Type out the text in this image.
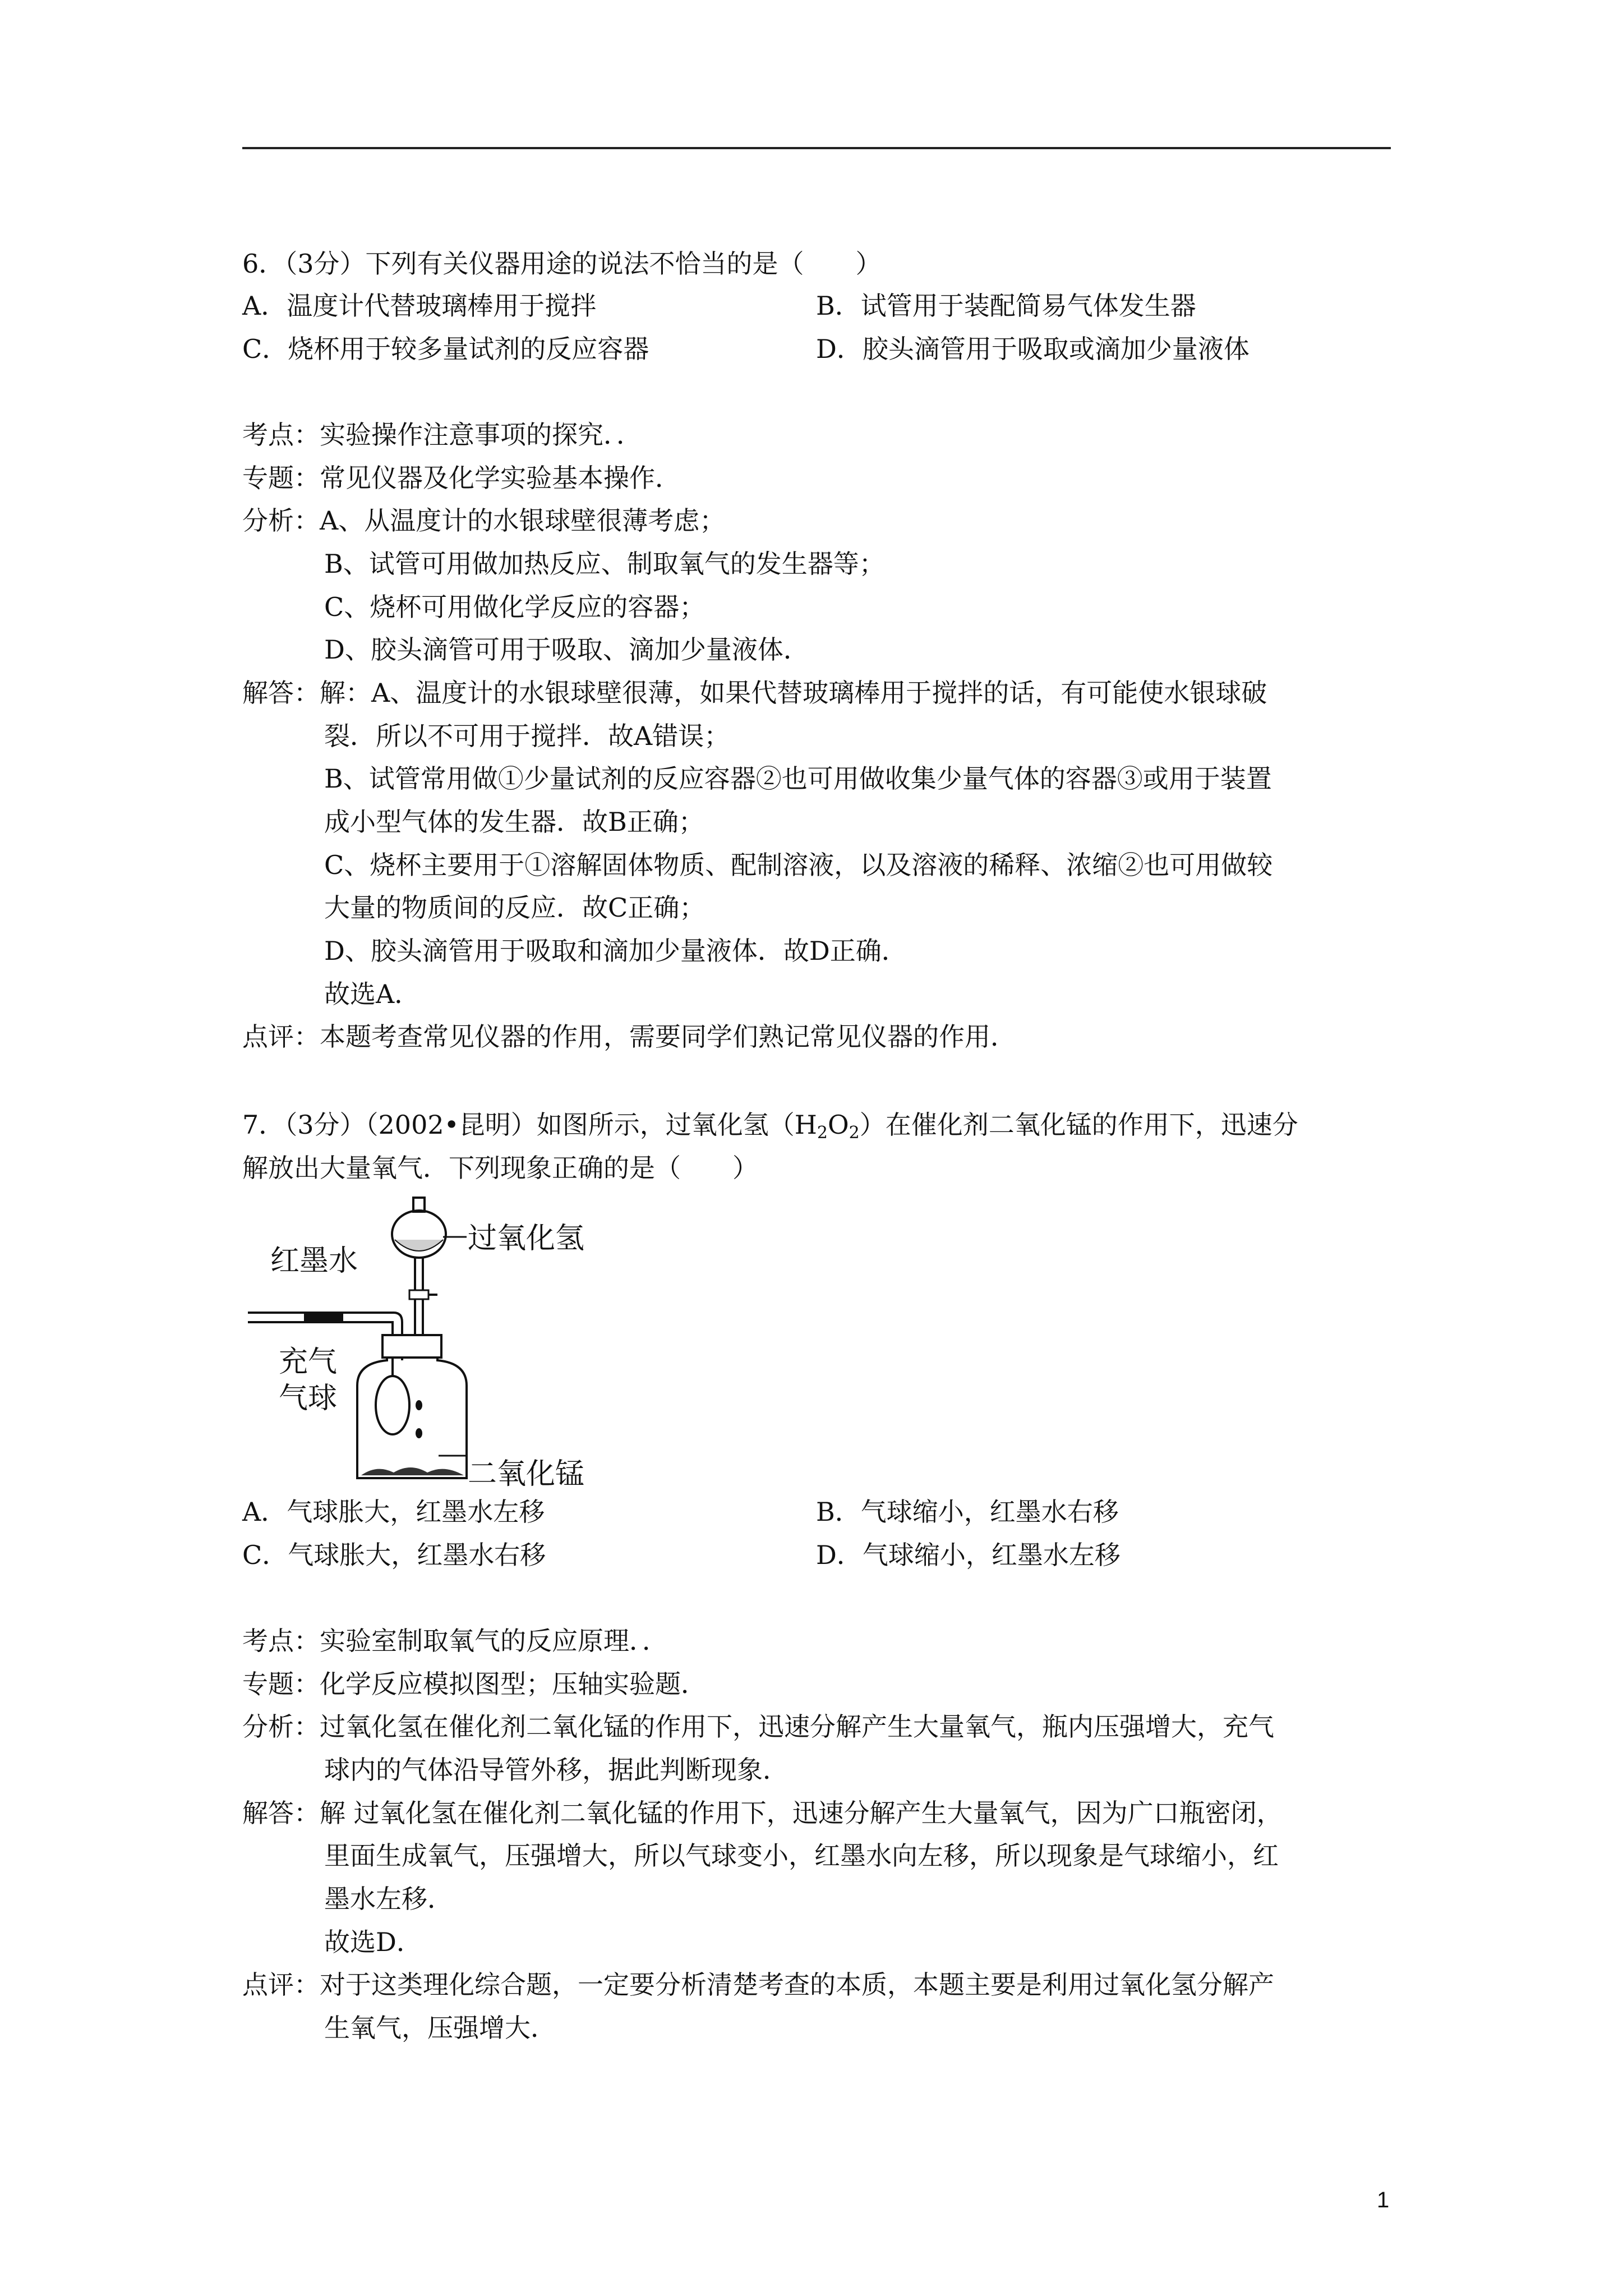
6．（3分）下列有关仪器用途的说法不恰当的是（　　）
A．温度计代替玻璃棒用于搅拌	B．试管用于装配简易气体发生器
C．烧杯用于较多量试剂的反应容器	D．胶头滴管用于吸取或滴加少量液体
考点：实验操作注意事项的探究．．
专题：常见仪器及化学实验基本操作．
分析：A、从温度计的水银球壁很薄考虑；
B、试管可用做加热反应、制取氧气的发生器等；
C、烧杯可用做化学反应的容器；
D、胶头滴管可用于吸取、滴加少量液体．
解答：解：A、温度计的水银球壁很薄，如果代替玻璃棒用于搅拌的话，有可能使水银球破
裂．所以不可用于搅拌．故A错误；
B、试管常用做①少量试剂的反应容器②也可用做收集少量气体的容器③或用于装置
成小型气体的发生器．故B正确；
C、烧杯主要用于①溶解固体物质、配制溶液，以及溶液的稀释、浓缩②也可用做较
大量的物质间的反应．故C正确；
D、胶头滴管用于吸取和滴加少量液体．故D正确．
故选A．
点评：本题考查常见仪器的作用，需要同学们熟记常见仪器的作用．
7．（3分）（2002•昆明）如图所示，过氧化氢$(H_2O_2)$在催化剂二氧化锰的作用下，迅速分
解放出大量氧气．下列现象正确的是（　　）
红墨水
过氧化氢
二氧化锰
充气
气球
A．气球胀大，红墨水左移	B．气球缩小，红墨水右移
C．气球胀大，红墨水右移	D．气球缩小，红墨水左移
考点：实验室制取氧气的反应原理．．
专题：化学反应模拟图型；压轴实验题．
分析：过氧化氢在催化剂二氧化锰的作用下，迅速分解产生大量氧气，瓶内压强增大，充气
球内的气体沿导管外移，据此判断现象．
解答：解 过氧化氢在催化剂二氧化锰的作用下，迅速分解产生大量氧气，因为广口瓶密闭，
里面生成氧气，压强增大，所以气球变小，红墨水向左移，所以现象是气球缩小，红
墨水左移．
故选D．
点评：对于这类理化综合题，一定要分析清楚考查的本质，本题主要是利用过氧化氢分解产
生氧气，压强增大．
1
